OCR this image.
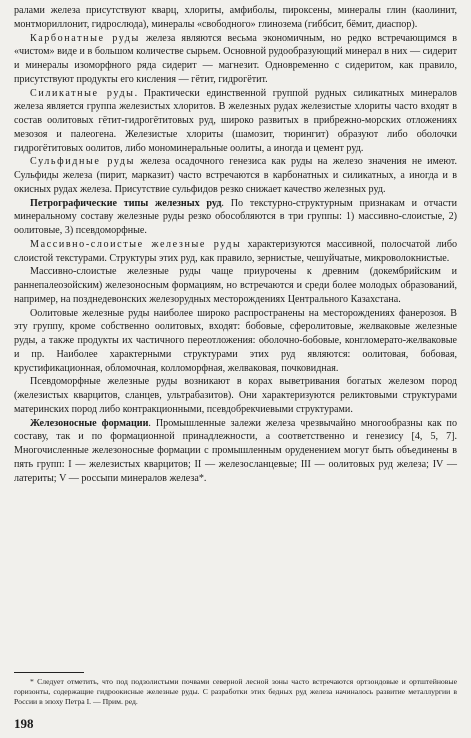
ралами железа присутствуют кварц, хлориты, амфиболы, пироксены, минералы глин (каолинит, монтмориллонит, гидрослюда), минералы «свободного» глинозема (гиббсит, бёмит, диаспор).

Карбонатные руды железа являются весьма экономичным, но редко встречающимся в «чистом» виде и в большом количестве сырьем. Основной рудообразующий минерал в них — сидерит и минералы изоморфного ряда сидерит — магнезит. Одновременно с сидеритом, как правило, присутствуют продукты его кисления — гётит, гидрогётит.

Силикатные руды. Практически единственной группой рудных силикатных минералов железа является группа железистых хлоритов. В железных рудах железистые хлориты часто входят в состав оолитовых гётит-гидрогётитовых руд, широко развитых в прибрежно-морских отложениях мезозоя и палеогена. Железистые хлориты (шамозит, тюрингит) образуют либо оболочки гидрогётитовых оолитов, либо мономинеральные оолиты, а иногда и цемент руд.

Сульфидные руды железа осадочного генезиса как руды на железо значения не имеют. Сульфиды железа (пирит, марказит) часто встречаются в карбонатных и силикатных, а иногда и в окисных рудах железа. Присутствие сульфидов резко снижает качество железных руд.

Петрографические типы железных руд. По текстурно-структурным признакам и отчасти минеральному составу железные руды резко обособляются в три группы: 1) массивно-слоистые, 2) оолитовые, 3) псевдоморфные.

Массивно-слоистые железные руды характеризуются массивной, полосчатой либо слоистой текстурами. Структуры этих руд, как правило, зернистые, чешуйчатые, микроволокнистые.

Массивно-слоистые железные руды чаще приурочены к древним (докембрийским и раннепалеозойским) железоносным формациям, но встречаются и среди более молодых образований, например, на позднедевонских железорудных месторождениях Центрального Казахстана.

Оолитовые железные руды наиболее широко распространены на месторождениях фанерозоя. В эту группу, кроме собственно оолитовых, входят: бобовые, сферолитовые, желваковые железные руды, а также продукты их частичного переотложения: оболочно-бобовые, конгломерато-желваковые и пр. Наиболее характерными структурами этих руд являются: оолитовая, бобовая, крустификационная, обломочная, колломорфная, желваковая, почковидная.

Псевдоморфные железные руды возникают в корах выветривания богатых железом пород (железистых кварцитов, сланцев, ультрабазитов). Они характеризуются реликтовыми структурами материнских пород либо контракционными, псевдобрекчиевыми структурами.

Железоносные формации. Промышленные залежи железа чрезвычайно многообразны как по составу, так и по формационной принадлежности, а соответственно и генезису [4, 5, 7]. Многочисленные железоносные формации с промышленным оруденением могут быть объединены в пять групп: I — железистых кварцитов; II — железосланцевые; III — оолитовых руд железа; IV — латериты; V — россыпи минералов железа*.

* Следует отметить, что под подзолистыми почвами северной лесной зоны часто встречаются ортзондовые и ортштейновые горизонты, содержащие гидроокисные железные руды. С разработки этих бедных руд железа начиналось развитие металлургии в России в эпоху Петра I. — Прим. ред.

198
